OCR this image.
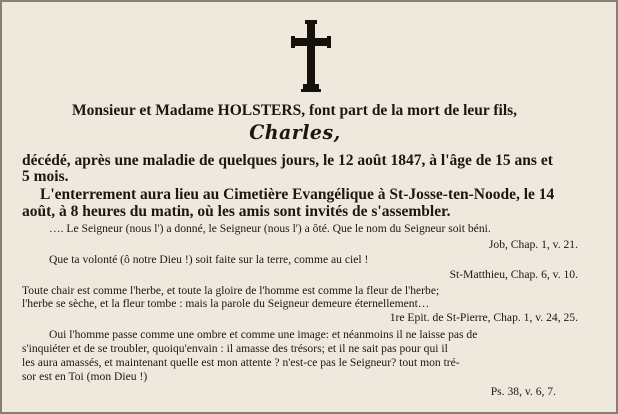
Monsieur et Madame HOLSTERS, font part de la mort de leur fils,
Charles,
décédé, après une maladie de quelques jours, le 12 août 1847, à l'âge de 15 ans et
5 mois.
L'enterrement aura lieu au Cimetière Evangélique à St-Josse-ten-Noode, le 14
août, à 8 heures du matin, où les amis sont invités de s'assembler.
…. Le Seigneur (nous l') a donné, le Seigneur (nous l') a ôté. Que le nom du Seigneur soit béni.
Job, Chap. 1, v. 21.
Que ta volonté (ô notre Dieu !) soit faite sur la terre, comme au ciel !
St-Matthieu, Chap. 6, v. 10.
Toute chair est comme l'herbe, et toute la gloire de l'homme est comme la fleur de l'herbe;
l'herbe se sèche, et la fleur tombe : mais la parole du Seigneur demeure éternellement…
1re Epit. de St-Pierre, Chap. 1, v. 24, 25.
Oui l'homme passe comme une ombre et comme une image: et néanmoins il ne laisse pas de
s'inquiéter et de se troubler, quoiqu'envain : il amasse des trésors; et il ne sait pas pour qui il
les aura amassés, et maintenant quelle est mon attente ? n'est-ce pas le Seigneur? tout mon tré-
sor est en Toi (mon Dieu !)
Ps. 38, v. 6, 7.
